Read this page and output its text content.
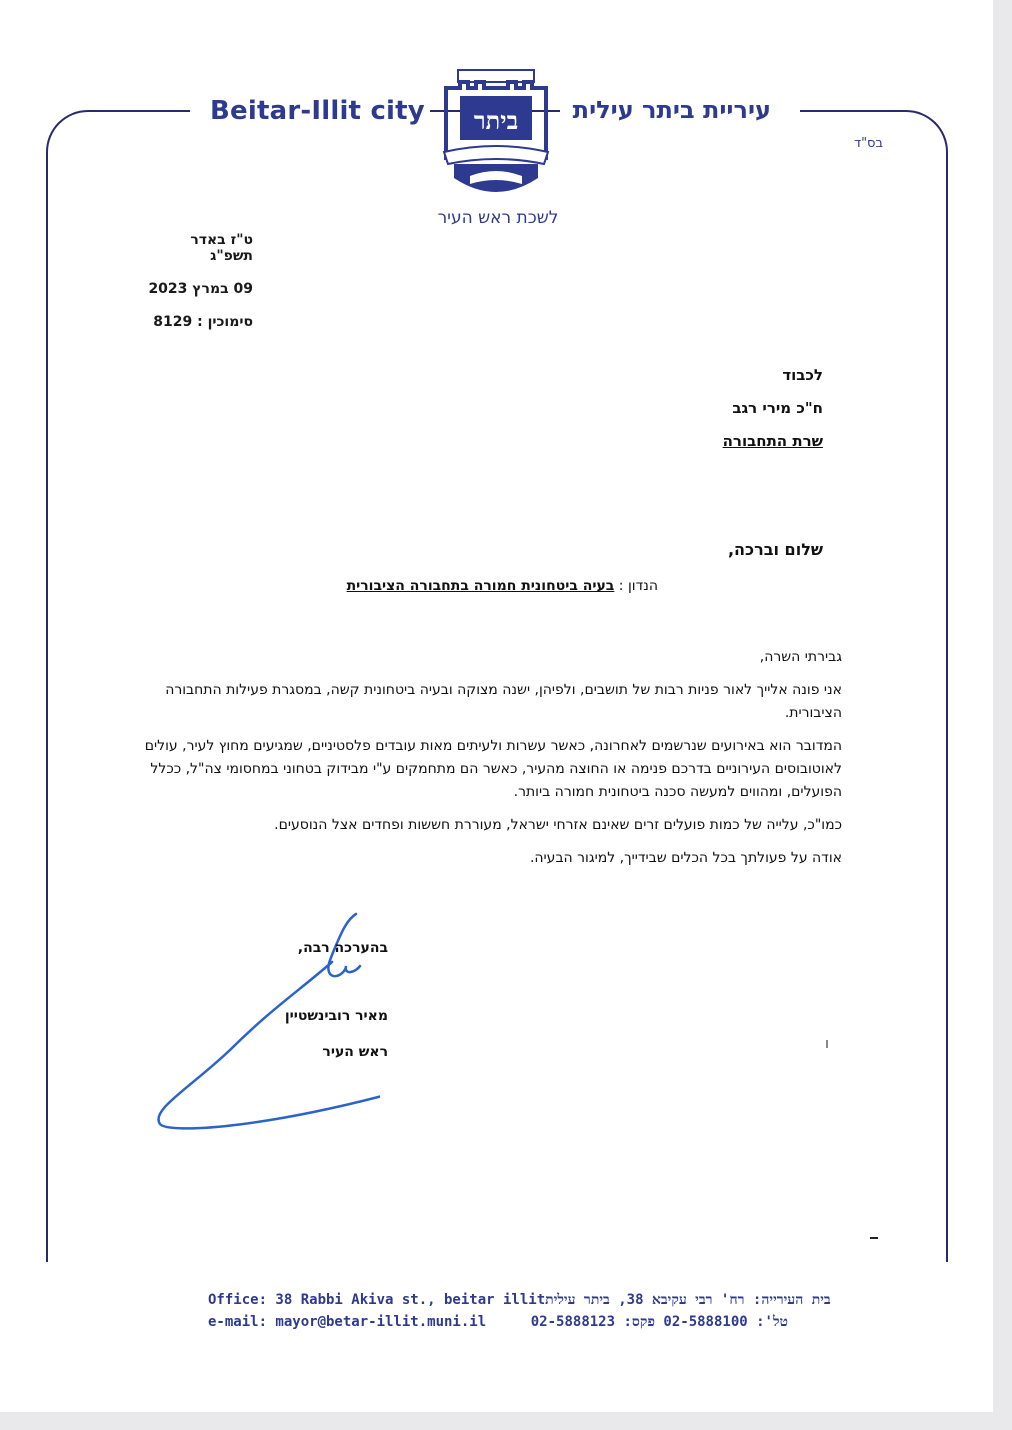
Beitar-Illit city	עיריית ביתר עילית
בס"ד
ביתר
לשכת ראש העיר
ט"ז באדר תשפ"ג
09 במרץ 2023
סימוכין : 8129
לכבוד
ח"כ מירי רגב
שרת התחבורה
שלום וברכה,
הנדון : בעיה ביטחונית חמורה בתחבורה הציבורית

גבירתי השרה,

אני פונה אלייך לאור פניות רבות של תושבים, ולפיהן, ישנה מצוקה ובעיה ביטחונית קשה, במסגרת פעילות התחבורה הציבורית.

המדובר הוא באירועים שנרשמים לאחרונה, כאשר עשרות ולעיתים מאות עובדים פלסטיניים, שמגיעים מחוץ לעיר, עולים לאוטובוסים העירוניים בדרכם פנימה או החוצה מהעיר, כאשר הם מתחמקים ע"י מבידוק בטחוני במחסומי צה"ל, ככלל הפועלים, ומהווים למעשה סכנה ביטחונית חמורה ביותר.

כמו"כ, עלייה של כמות פועלים זרים שאינם אזרחי ישראל, מעוררת חששות ופחדים אצל הנוסעים.

אודה על פעולתך בכל הכלים שבידייך, למיגור הבעיה.

בהערכה רבה,
מאיר רובינשטיין
ראש העיר
Office: 38 Rabbi Akiva st., beitar illit בית העירייה: רח' רבי עקיבא 38, ביתר עילית
e-mail: mayor@betar-illit.muni.il	טל': 02-5888100 פקס: 02-5888123
